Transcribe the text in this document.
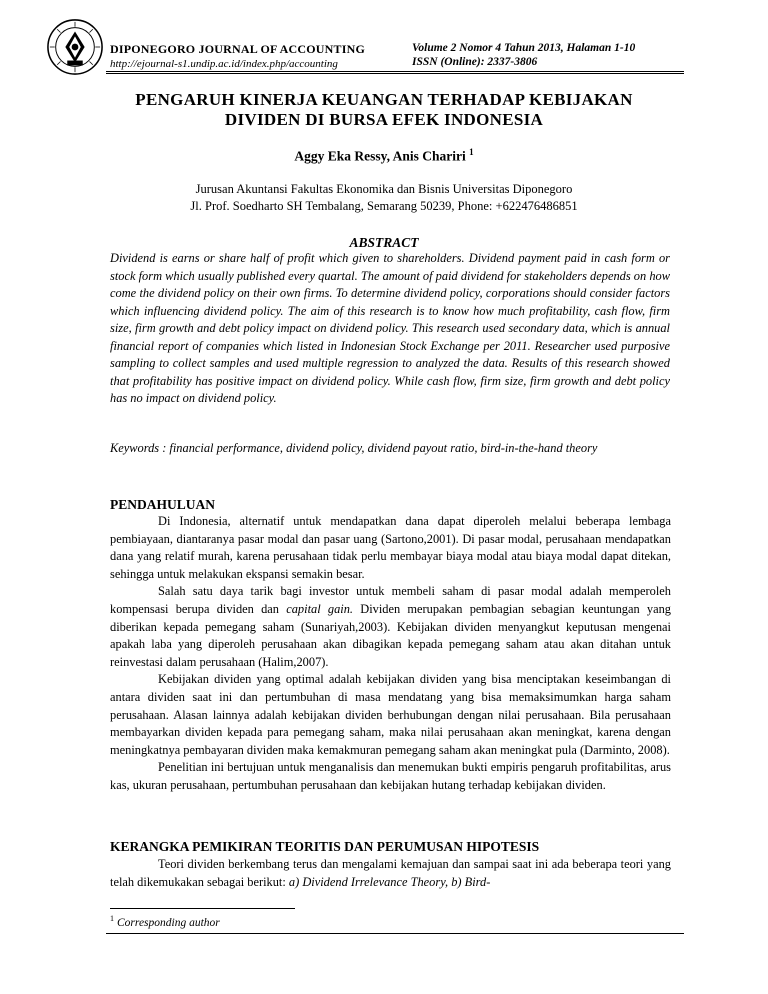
DIPONEGORO JOURNAL OF ACCOUNTING
http://ejournal-s1.undip.ac.id/index.php/accounting
Volume 2 Nomor 4 Tahun 2013, Halaman 1-10
ISSN (Online): 2337-3806
PENGARUH KINERJA KEUANGAN TERHADAP KEBIJAKAN
DIVIDEN DI BURSA EFEK INDONESIA
Aggy Eka Ressy, Anis Chariri $^1$
Jurusan Akuntansi Fakultas Ekonomika dan Bisnis Universitas Diponegoro
Jl. Prof. Soedharto SH Tembalang, Semarang 50239, Phone: +622476486851
ABSTRACT
Dividend is earns or share half of profit which given to shareholders. Dividend payment paid in cash form or stock form which usually published every quartal. The amount of paid dividend for stakeholders depends on how come the dividend policy on their own firms. To determine dividend policy, corporations should consider factors which influencing dividend policy. The aim of this research is to know how much profitability, cash flow, firm size, firm growth and debt policy impact on dividend policy. This research used secondary data, which is annual financial report of companies which listed in Indonesian Stock Exchange per 2011. Researcher used purposive sampling to collect samples and used multiple regression to analyzed the data. Results of this research showed that profitability has positive impact on dividend policy. While cash flow, firm size, firm growth and debt policy has no impact on dividend policy.
Keywords : financial performance, dividend policy, dividend payout ratio, bird-in-the-hand theory
PENDAHULUAN

Di Indonesia, alternatif untuk mendapatkan dana dapat diperoleh melalui beberapa lembaga pembiayaan, diantaranya pasar modal dan pasar uang (Sartono,2001). Di pasar modal, perusahaan mendapatkan dana yang relatif murah, karena perusahaan tidak perlu membayar biaya modal atau biaya modal dapat ditekan, sehingga untuk melakukan ekspansi semakin besar.

Salah satu daya tarik bagi investor untuk membeli saham di pasar modal adalah memperoleh kompensasi berupa dividen dan capital gain. Dividen merupakan pembagian sebagian keuntungan yang diberikan kepada pemegang saham (Sunariyah,2003). Kebijakan dividen menyangkut keputusan mengenai apakah laba yang diperoleh perusahaan akan dibagikan kepada pemegang saham atau akan ditahan untuk reinvestasi dalam perusahaan (Halim,2007).

Kebijakan dividen yang optimal adalah kebijakan dividen yang bisa menciptakan keseimbangan di antara dividen saat ini dan pertumbuhan di masa mendatang yang bisa memaksimumkan harga saham perusahaan. Alasan lainnya adalah kebijakan dividen berhubungan dengan nilai perusahaan. Bila perusahaan membayarkan dividen kepada para pemegang saham, maka nilai perusahaan akan meningkat, karena dengan meningkatnya pembayaran dividen maka kemakmuran pemegang saham akan meningkat pula (Darminto, 2008).

Penelitian ini bertujuan untuk menganalisis dan menemukan bukti empiris pengaruh profitabilitas, arus kas, ukuran perusahaan, pertumbuhan perusahaan dan kebijakan hutang terhadap kebijakan dividen.

KERANGKA PEMIKIRAN TEORITIS DAN PERUMUSAN HIPOTESIS

Teori dividen berkembang terus dan mengalami kemajuan dan sampai saat ini ada beberapa teori yang telah dikemukakan sebagai berikut: a) Dividend Irrelevance Theory, b) Bird-

$^1$ Corresponding author
